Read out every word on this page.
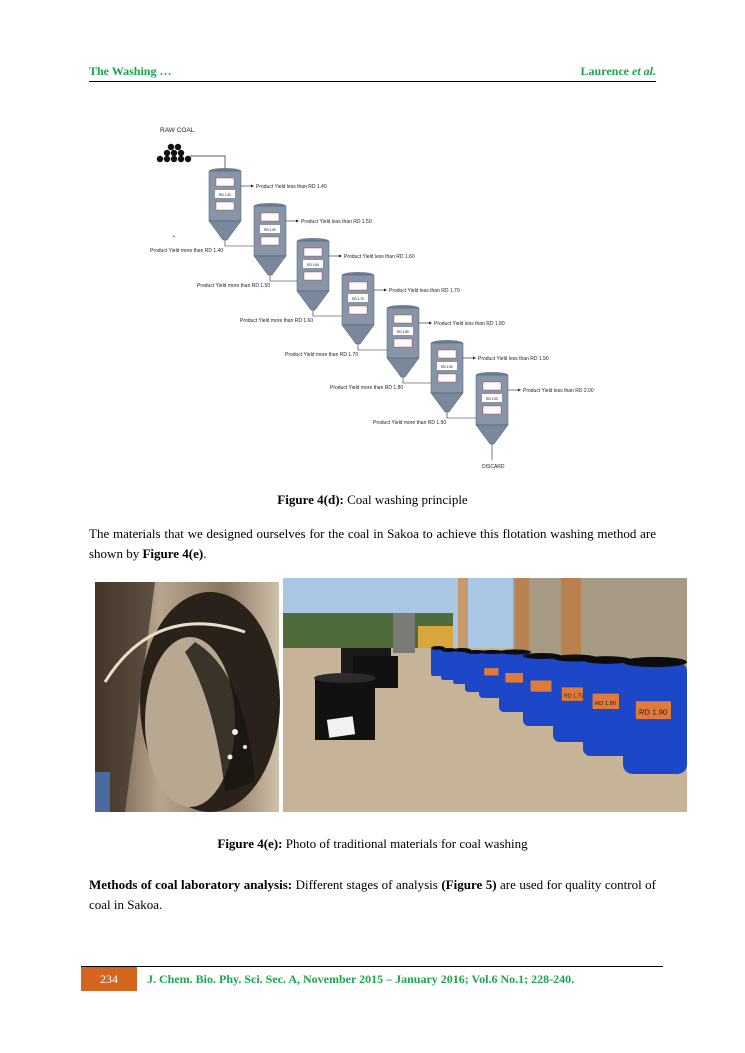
The Washing …	Laurence et al.
RAW COAL
RD 1.40
Product Yield less than RD 1.40
Product Yield more than RD 1.40
RD 1.50
Product Yield less than RD 1.50
Product Yield more than RD 1.50
RD 1.60
Product Yield less than RD 1.60
Product Yield more than RD 1.60
RD 1.70
Product Yield less than RD 1.70
Product Yield more than RD 1.70
RD 1.80
Product Yield less than RD 1.80
Product Yield more than RD 1.80
RD 1.90
Product Yield less than RD 1.90
Product Yield more than RD 1.90
RD 2.00
Product Yield less than RD 2.00
DISCARD
•
Figure 4(d): Coal washing principle
The materials that we designed ourselves for the coal in Sakoa to achieve this flotation washing method are shown by Figure 4(e).
RD 1.90
RD 1.80
RD 1.70
Figure 4(e): Photo of traditional materials for coal washing
Methods of coal laboratory analysis: Different stages of analysis (Figure 5) are used for quality control of coal in Sakoa.
234	J. Chem. Bio. Phy. Sci. Sec. A, November 2015 – January 2016; Vol.6 No.1; 228-240.
